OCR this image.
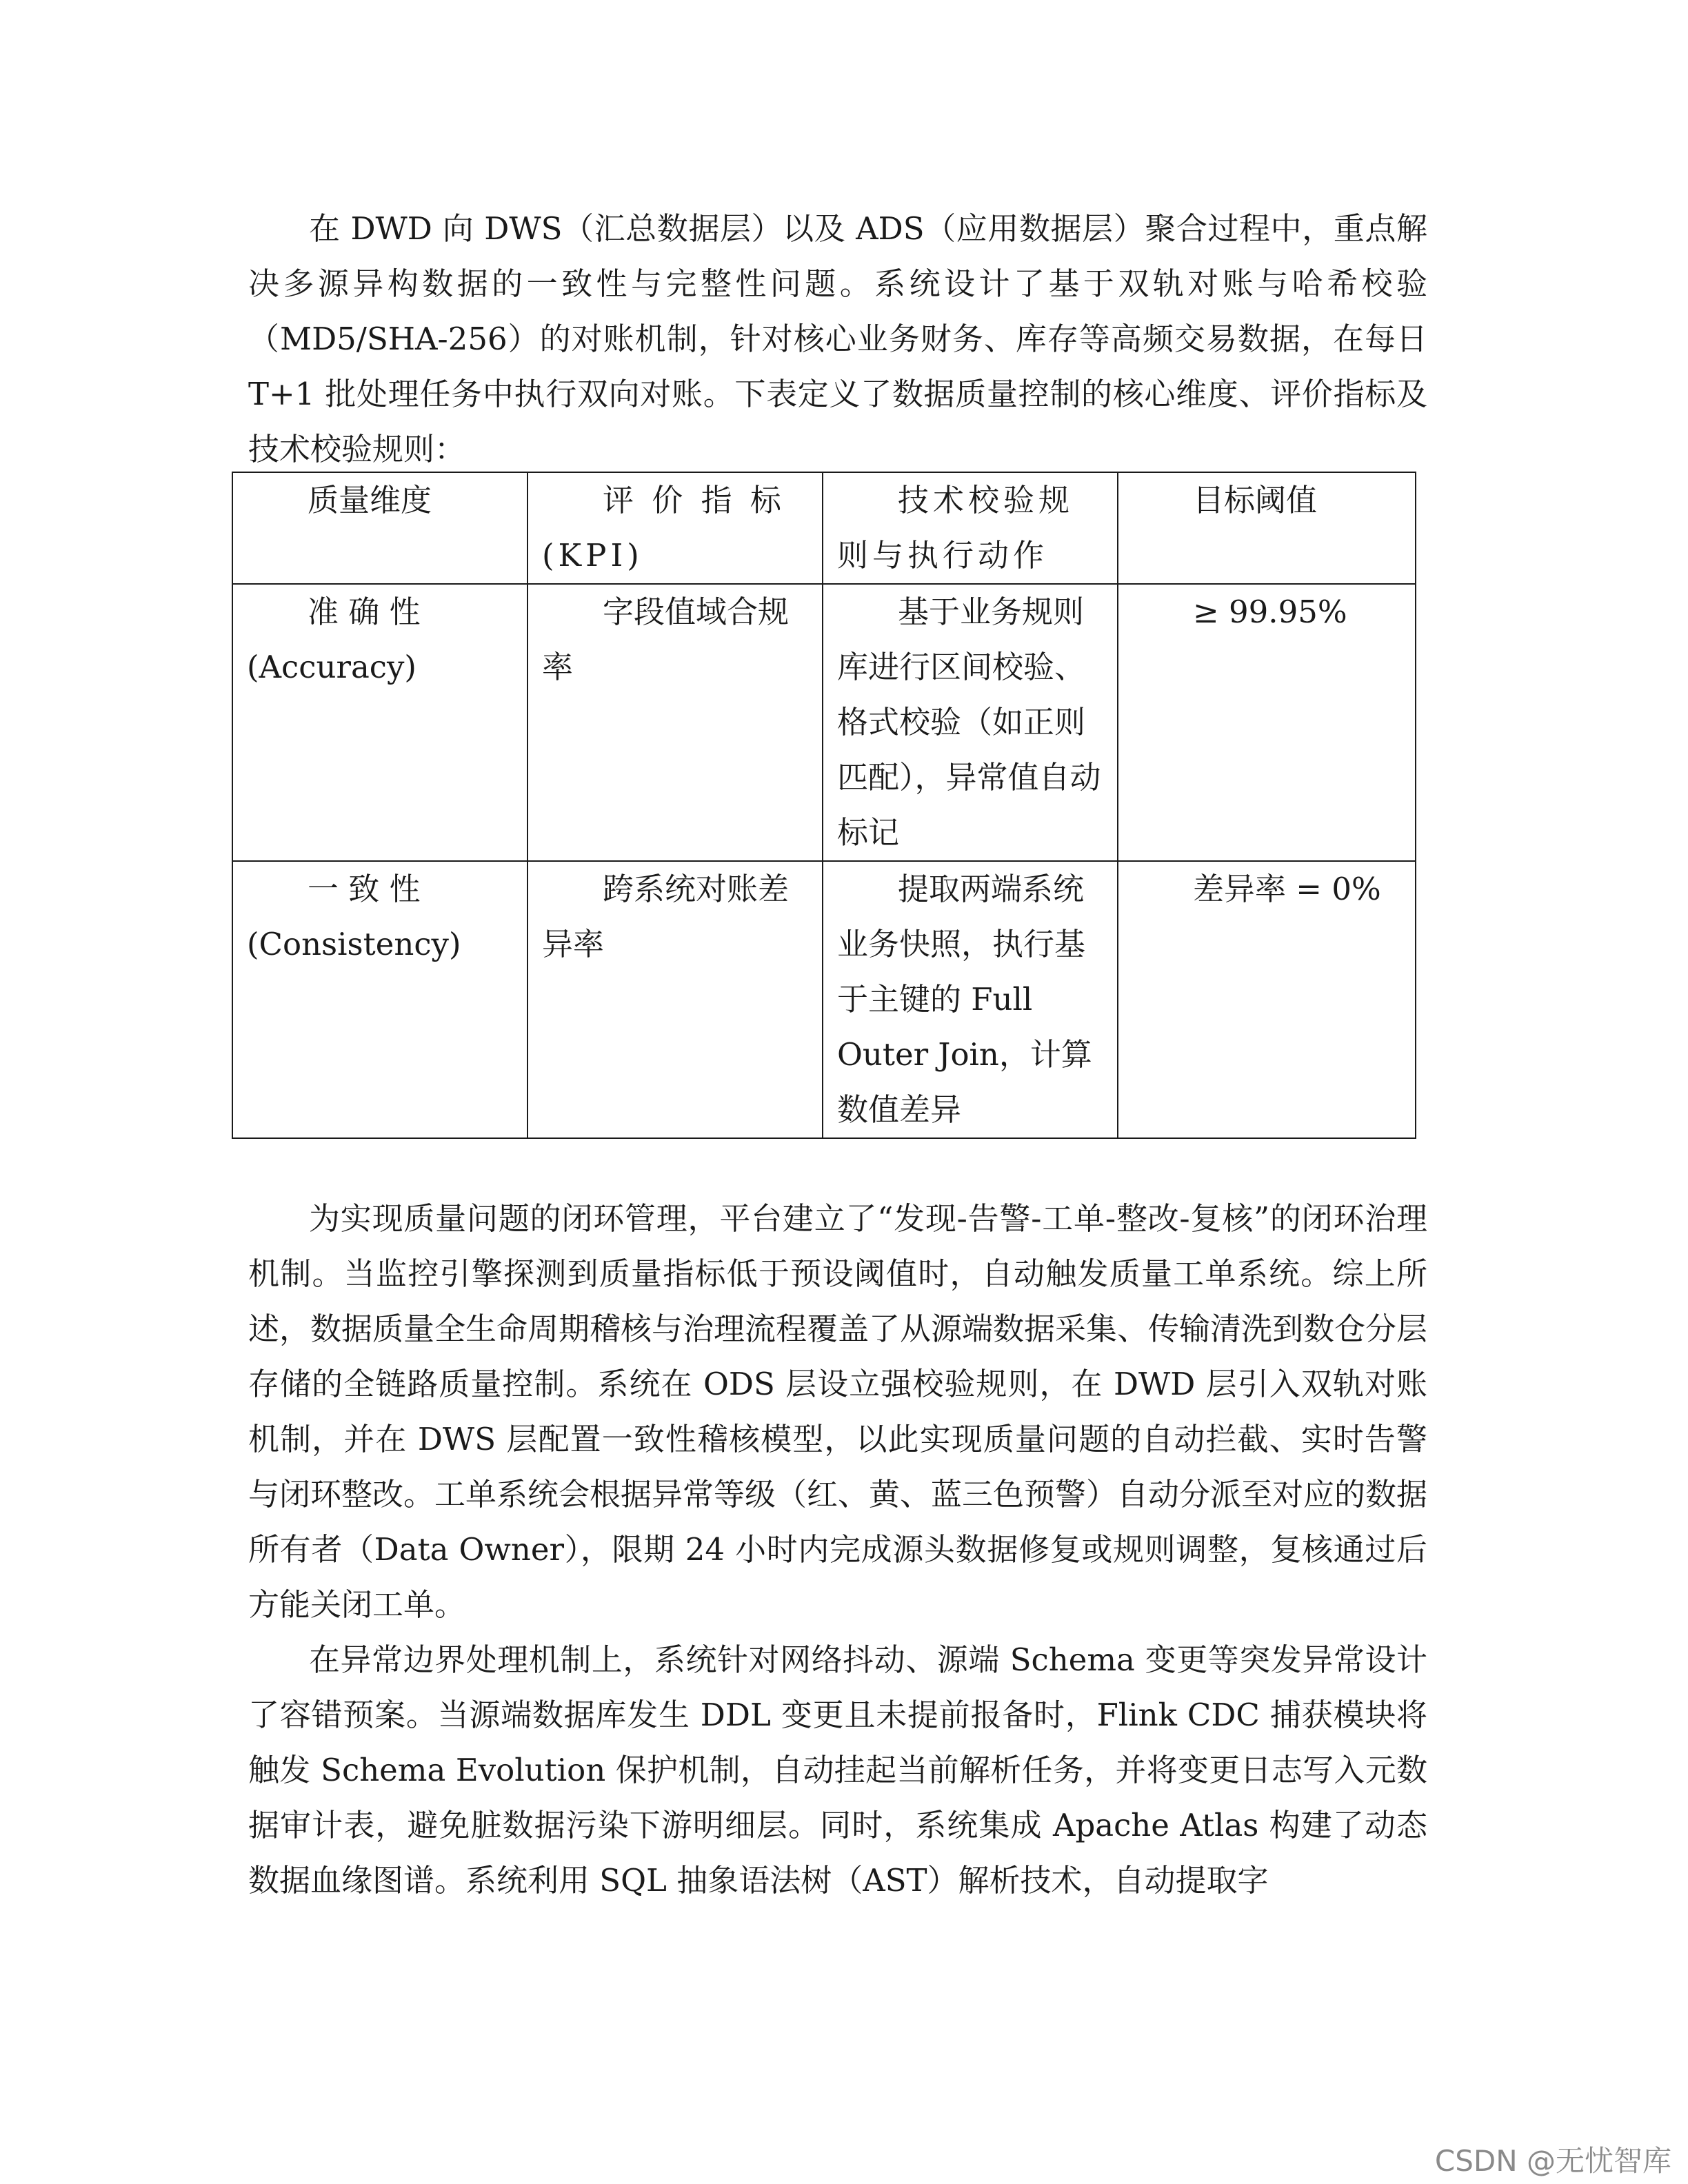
在 DWD 向 DWS（汇总数据层）以及 ADS（应用数据层）聚合过程中，重点解决多源异构数据的一致性与完整性问题。系统设计了基于双轨对账与哈希校验（MD5/SHA-256）的对账机制，针对核心业务财务、库存等高频交易数据，在每日 T+1 批处理任务中执行双向对账。下表定义了数据质量控制的核心维度、评价指标及技术校验规则：

质量维度	评 价 指 标 (KPI)	技术校验规则与执行动作	目标阈值
准 确 性 (Accuracy)	字段值域合规率	基于业务规则库进行区间校验、格式校验（如正则匹配），异常值自动标记	≥ 99.95%
一 致 性 (Consistency)	跨系统对账差异率	提取两端系统业务快照，执行基于主键的 Full Outer Join，计算数值差异	差异率 = 0%

为实现质量问题的闭环管理，平台建立了“发现-告警-工单-整改-复核”的闭环治理机制。当监控引擎探测到质量指标低于预设阈值时，自动触发质量工单系统。综上所述，数据质量全生命周期稽核与治理流程覆盖了从源端数据采集、传输清洗到数仓分层存储的全链路质量控制。系统在 ODS 层设立强校验规则，在 DWD 层引入双轨对账机制，并在 DWS 层配置一致性稽核模型，以此实现质量问题的自动拦截、实时告警与闭环整改。工单系统会根据异常等级（红、黄、蓝三色预警）自动分派至对应的数据所有者（Data Owner），限期 24 小时内完成源头数据修复或规则调整，复核通过后方能关闭工单。

在异常边界处理机制上，系统针对网络抖动、源端 Schema 变更等突发异常设计了容错预案。当源端数据库发生 DDL 变更且未提前报备时，Flink CDC 捕获模块将触发 Schema Evolution 保护机制，自动挂起当前解析任务，并将变更日志写入元数据审计表，避免脏数据污染下游明细层。同时，系统集成 Apache Atlas 构建了动态数据血缘图谱。系统利用 SQL 抽象语法树（AST）解析技术，自动提取字

CSDN @无忧智库
